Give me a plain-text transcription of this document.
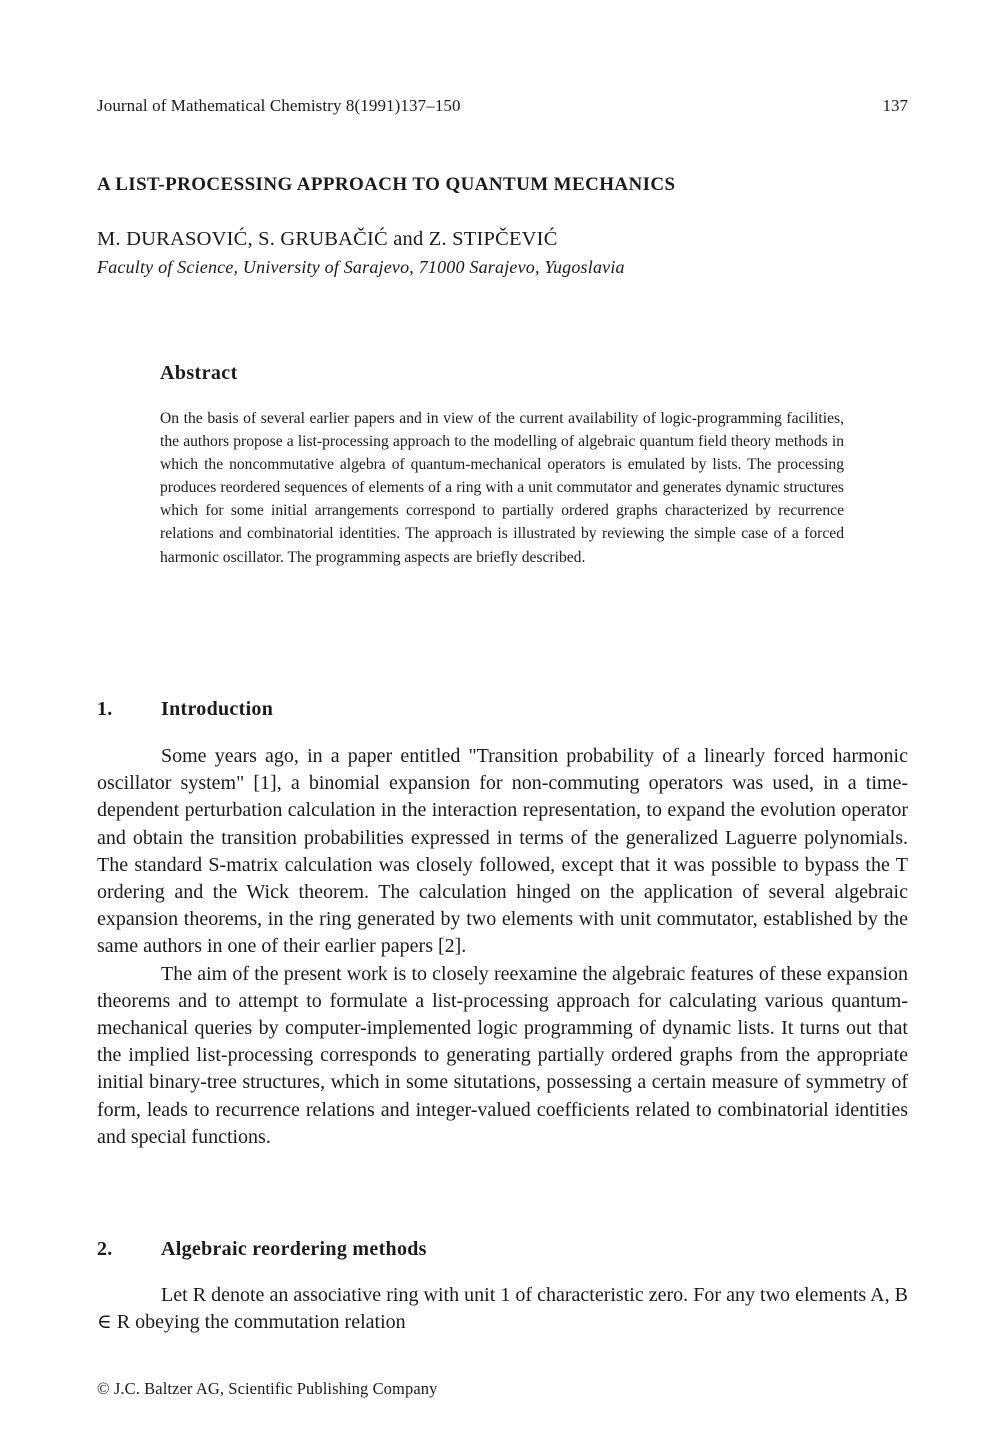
Journal of Mathematical Chemistry 8(1991)137–150	137
A LIST-PROCESSING APPROACH TO QUANTUM MECHANICS
M. DURASOVIĆ, S. GRUBAČIĆ and Z. STIPČEVIĆ
Faculty of Science, University of Sarajevo, 71000 Sarajevo, Yugoslavia
Abstract
On the basis of several earlier papers and in view of the current availability of logic-programming facilities, the authors propose a list-processing approach to the modelling of algebraic quantum field theory methods in which the noncommutative algebra of quantum-mechanical operators is emulated by lists. The processing produces reordered sequences of elements of a ring with a unit commutator and generates dynamic structures which for some initial arrangements correspond to partially ordered graphs characterized by recurrence relations and combinatorial identities. The approach is illustrated by reviewing the simple case of a forced harmonic oscillator. The programming aspects are briefly described.
1. Introduction

Some years ago, in a paper entitled "Transition probability of a linearly forced harmonic oscillator system" [1], a binomial expansion for non-commuting operators was used, in a time-dependent perturbation calculation in the interaction representation, to expand the evolution operator and obtain the transition probabilities expressed in terms of the generalized Laguerre polynomials. The standard S-matrix calculation was closely followed, except that it was possible to bypass the T ordering and the Wick theorem. The calculation hinged on the application of several algebraic expansion theorems, in the ring generated by two elements with unit commutator, established by the same authors in one of their earlier papers [2].

The aim of the present work is to closely reexamine the algebraic features of these expansion theorems and to attempt to formulate a list-processing approach for calculating various quantum-mechanical queries by computer-implemented logic programming of dynamic lists. It turns out that the implied list-processing corresponds to generating partially ordered graphs from the appropriate initial binary-tree structures, which in some situtations, possessing a certain measure of symmetry of form, leads to recurrence relations and integer-valued coefficients related to combinatorial identities and special functions.

2. Algebraic reordering methods

Let R denote an associative ring with unit 1 of characteristic zero. For any two elements A, B ∈ R obeying the commutation relation

© J.C. Baltzer AG, Scientific Publishing Company
